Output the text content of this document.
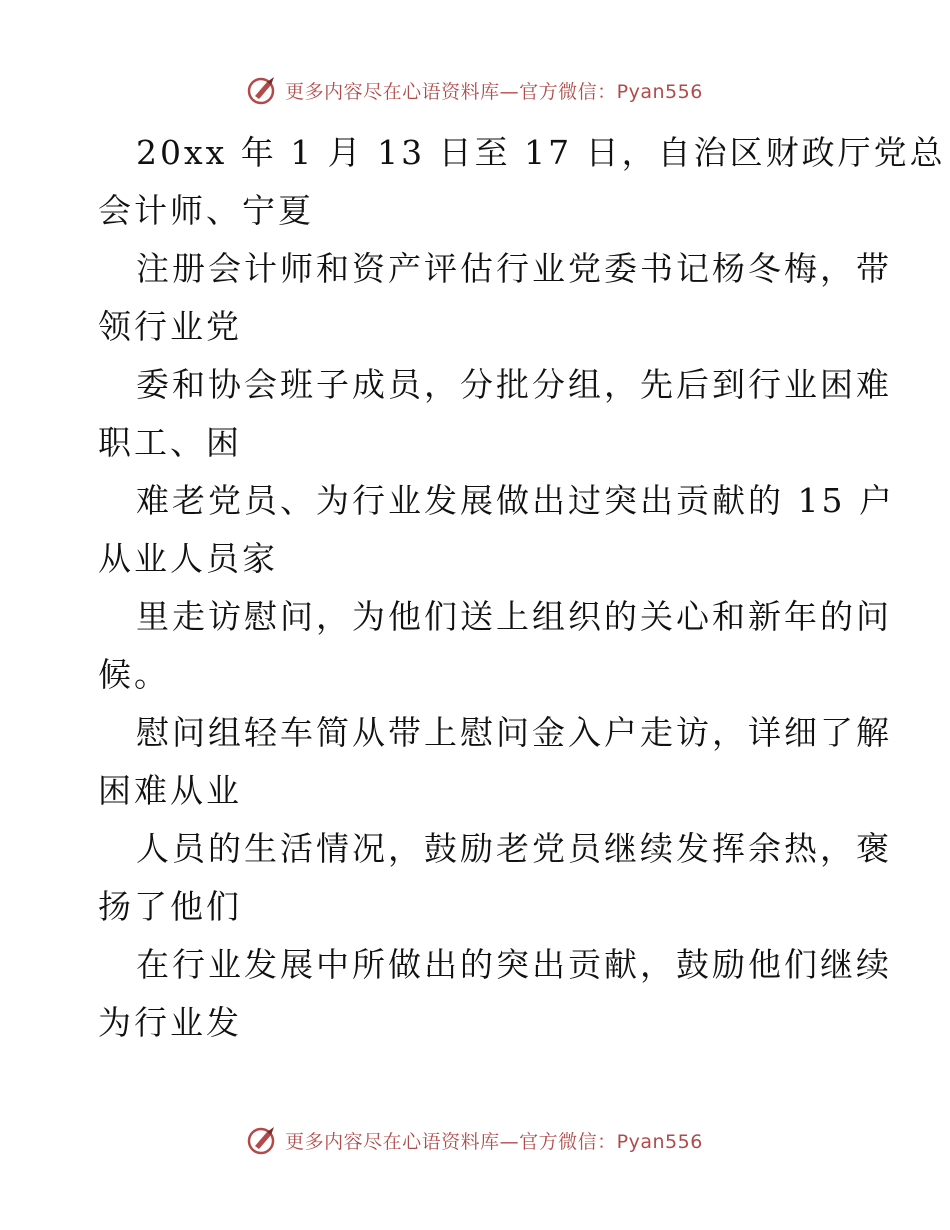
更多内容尽在心语资料库—官方微信：Pyan556
20xx 年 1 月 13 日至 17 日，自治区财政厅党总
会计师、宁夏
注册会计师和资产评估行业党委书记杨冬梅，带
领行业党
委和协会班子成员，分批分组，先后到行业困难
职工、困
难老党员、为行业发展做出过突出贡献的 15 户
从业人员家
里走访慰问，为他们送上组织的关心和新年的问
候。
慰问组轻车简从带上慰问金入户走访，详细了解
困难从业
人员的生活情况，鼓励老党员继续发挥余热，褒
扬了他们
在行业发展中所做出的突出贡献，鼓励他们继续
为行业发
更多内容尽在心语资料库—官方微信：Pyan556
